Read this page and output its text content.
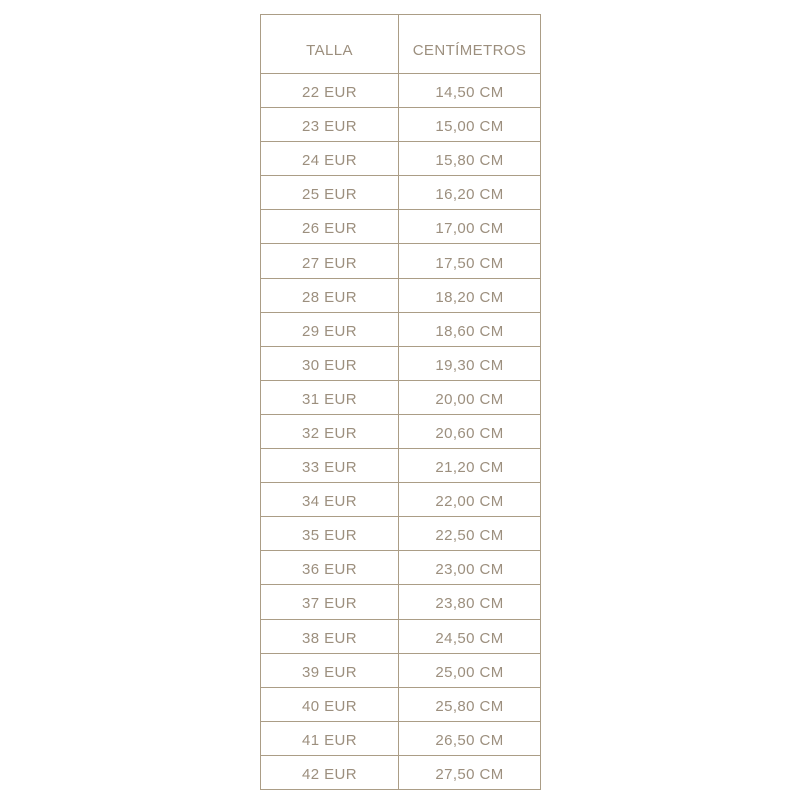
TALLA	CENTÍMETROS
22 EUR	14,50 CM
23 EUR	15,00 CM
24 EUR	15,80 CM
25 EUR	16,20 CM
26 EUR	17,00 CM
27 EUR	17,50 CM
28 EUR	18,20 CM
29 EUR	18,60 CM
30 EUR	19,30 CM
31 EUR	20,00 CM
32 EUR	20,60 CM
33 EUR	21,20 CM
34 EUR	22,00 CM
35 EUR	22,50 CM
36 EUR	23,00 CM
37 EUR	23,80 CM
38 EUR	24,50 CM
39 EUR	25,00 CM
40 EUR	25,80 CM
41 EUR	26,50 CM
42 EUR	27,50 CM
